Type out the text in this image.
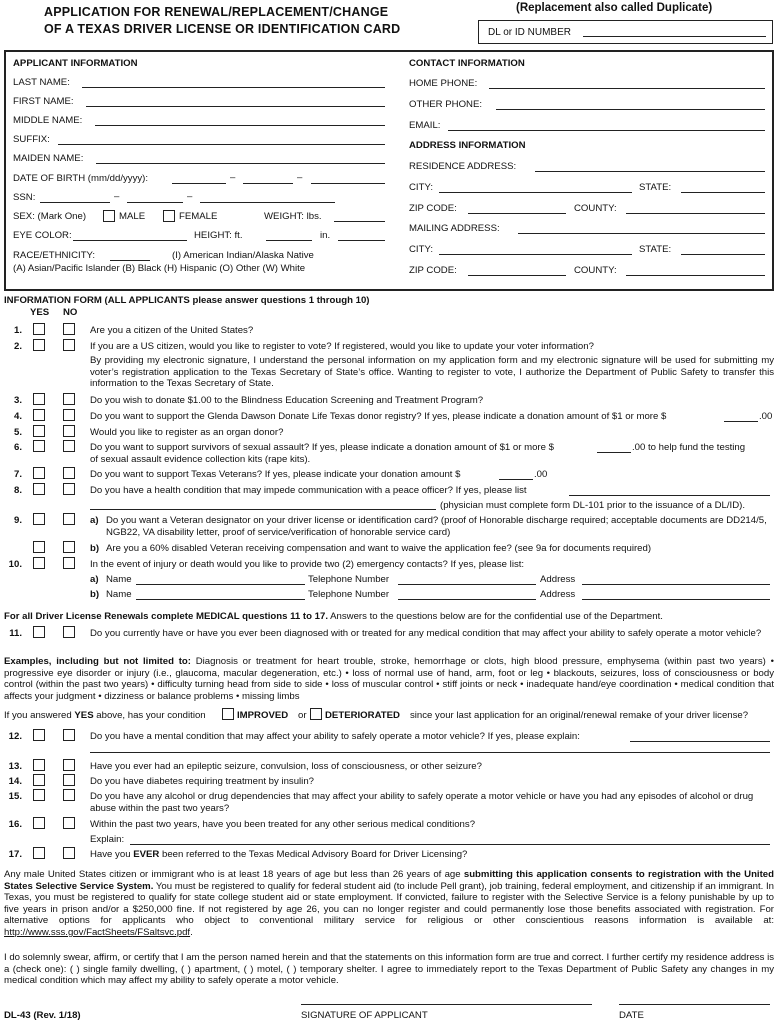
APPLICATION FOR RENEWAL/REPLACEMENT/CHANGE
OF A TEXAS DRIVER LICENSE OR IDENTIFICATION CARD
(Replacement also called Duplicate)
DL or ID NUMBER
APPLICANT INFORMATION
LAST NAME:
FIRST NAME:
MIDDLE NAME:
SUFFIX:
MAIDEN NAME:
DATE OF BIRTH (mm/dd/yyyy):	–	–
SSN:	–	–
SEX: (Mark One)	MALE	FEMALE	WEIGHT: lbs.
EYE COLOR:	HEIGHT: ft.	in.
RACE/ETHNICITY:	(I) American Indian/Alaska Native
(A) Asian/Pacific Islander (B) Black (H) Hispanic (O) Other (W) White
CONTACT INFORMATION
HOME PHONE:
OTHER PHONE:
EMAIL:
ADDRESS INFORMATION
RESIDENCE ADDRESS:
CITY:	STATE:
ZIP CODE:	COUNTY:
MAILING ADDRESS:
CITY:	STATE:
ZIP CODE:	COUNTY:
INFORMATION FORM (ALL APPLICANTS please answer questions 1 through 10)
YES NO
1.	Are you a citizen of the United States?
2.	If you are a US citizen, would you like to register to vote? If registered, would you like to update your voter information?
By providing my electronic signature, I understand the personal information on my application form and my electronic signature will be used for submitting my voter’s registration application to the Texas Secretary of State’s office. Wanting to register to vote, I authorize the Department of Public Safety to transfer this information to the Texas Secretary of State.
3.	Do you wish to donate $1.00 to the Blindness Education Screening and Treatment Program?
4.	Do you want to support the Glenda Dawson Donate Life Texas donor registry? If yes, please indicate a donation amount of $1 or more $	.00
5.	Would you like to register as an organ donor?
6.	Do you want to support survivors of sexual assault? If yes, please indicate a donation amount of $1 or more $	.00 to help fund the testing
of sexual assault evidence collection kits (rape kits).
7.	Do you want to support Texas Veterans? If yes, please indicate your donation amount $	.00
8.	Do you have a health condition that may impede communication with a peace officer? If yes, please list
(physician must complete form DL-101 prior to the issuance of a DL/ID).
9.	a) Do you want a Veteran designator on your driver license or identification card? (proof of Honorable discharge required; acceptable documents are DD214/5, NGB22, VA disability letter, proof of service/verification of honorable service card)
b) Are you a 60% disabled Veteran receiving compensation and want to waive the application fee? (see 9a for documents required)
10.	In the event of injury or death would you like to provide two (2) emergency contacts? If yes, please list:
a) Name	Telephone Number	Address
b) Name	Telephone Number	Address
For all Driver License Renewals complete MEDICAL questions 11 to 17. Answers to the questions below are for the confidential use of the Department.
11.	Do you currently have or have you ever been diagnosed with or treated for any medical condition that may affect your ability to safely operate a motor vehicle?
Examples, including but not limited to: Diagnosis or treatment for heart trouble, stroke, hemorrhage or clots, high blood pressure, emphysema (within past two years) • progressive eye disorder or injury (i.e., glaucoma, macular degeneration, etc.) • loss of normal use of hand, arm, foot or leg • blackouts, seizures, loss of consciousness or body control (within the past two years) • difficulty turning head from side to side • loss of muscular control • stiff joints or neck • inadequate hand/eye coordination • medical condition that affects your judgment • dizziness or balance problems • missing limbs
If you answered YES above, has your condition	IMPROVED or DETERIORATED since your last application for an original/renewal remake of your driver license?
12.	Do you have a mental condition that may affect your ability to safely operate a motor vehicle? If yes, please explain:
13.	Have you ever had an epileptic seizure, convulsion, loss of consciousness, or other seizure?
14.	Do you have diabetes requiring treatment by insulin?
15.	Do you have any alcohol or drug dependencies that may affect your ability to safely operate a motor vehicle or have you had any episodes of alcohol or drug abuse within the past two years?
16.	Within the past two years, have you been treated for any other serious medical conditions?
Explain:
17.	Have you EVER been referred to the Texas Medical Advisory Board for Driver Licensing?
Any male United States citizen or immigrant who is at least 18 years of age but less than 26 years of age submitting this application consents to registration with the United States Selective Service System. You must be registered to qualify for federal student aid (to include Pell grant), job training, federal employment, and citizenship if an immigrant. In Texas, you must be registered to qualify for state college student aid or state employment. If convicted, failure to register with the Selective Service is a felony punishable by up to five years in prison and/or a $250,000 fine. If not registered by age 26, you can no longer register and could permanently lose those benefits associated with registration. For alternative options for applicants who object to conventional military service for religious or other conscientious reasons information is available at: http://www.sss.gov/FactSheets/FSaltsvc.pdf.
I do solemnly swear, affirm, or certify that I am the person named herein and that the statements on this information form are true and correct. I further certify my residence address is a (check one): ( ) single family dwelling, ( ) apartment, ( ) motel, ( ) temporary shelter. I agree to immediately report to the Texas Department of Public Safety any changes in my medical condition which may affect my ability to safely operate a motor vehicle.
DL-43 (Rev. 1/18)	SIGNATURE OF APPLICANT	DATE
